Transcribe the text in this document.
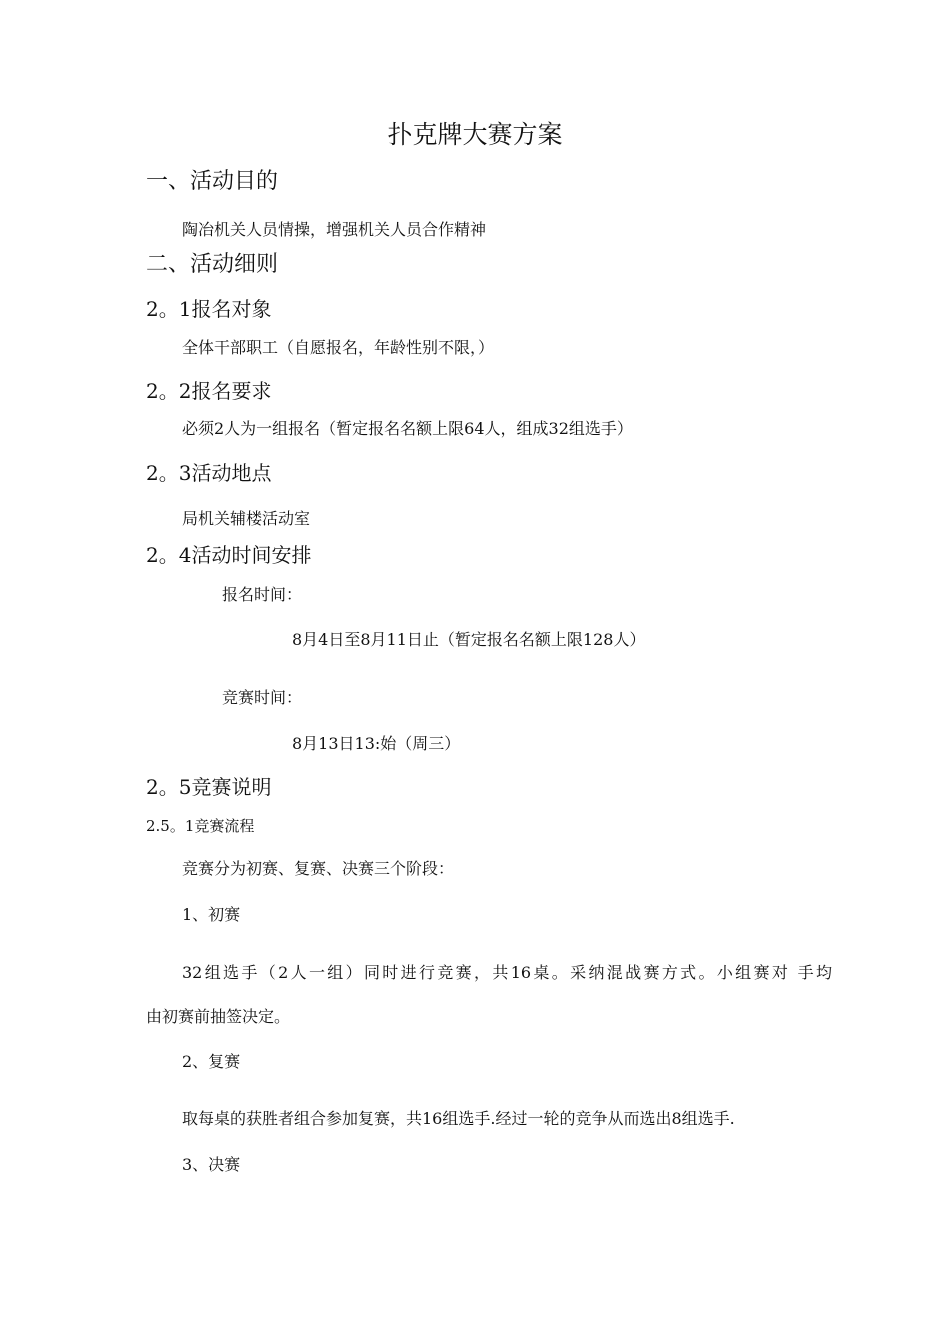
扑克牌大赛方案
一、活动目的
陶冶机关人员情操，增强机关人员合作精神
二、活动细则
2。1报名对象
全体干部职工（自愿报名，年龄性别不限，）
2。2报名要求
必须2人为一组报名（暂定报名名额上限64人，组成32组选手）
2。3活动地点
局机关辅楼活动室
2。4活动时间安排
报名时间：
8月4日至8月11日止（暂定报名名额上限128人）
竞赛时间：
8月13日13:始（周三）
2。5竞赛说明
2.5。1竞赛流程
竞赛分为初赛、复赛、决赛三个阶段：
1、初赛
32组选手（2人一组）同时进行竞赛，共16桌。采纳混战赛方式。小组赛对 手均
由初赛前抽签决定。
2、复赛
取每桌的获胜者组合参加复赛，共16组选手.经过一轮的竞争从而选出8组选手.
3、决赛
